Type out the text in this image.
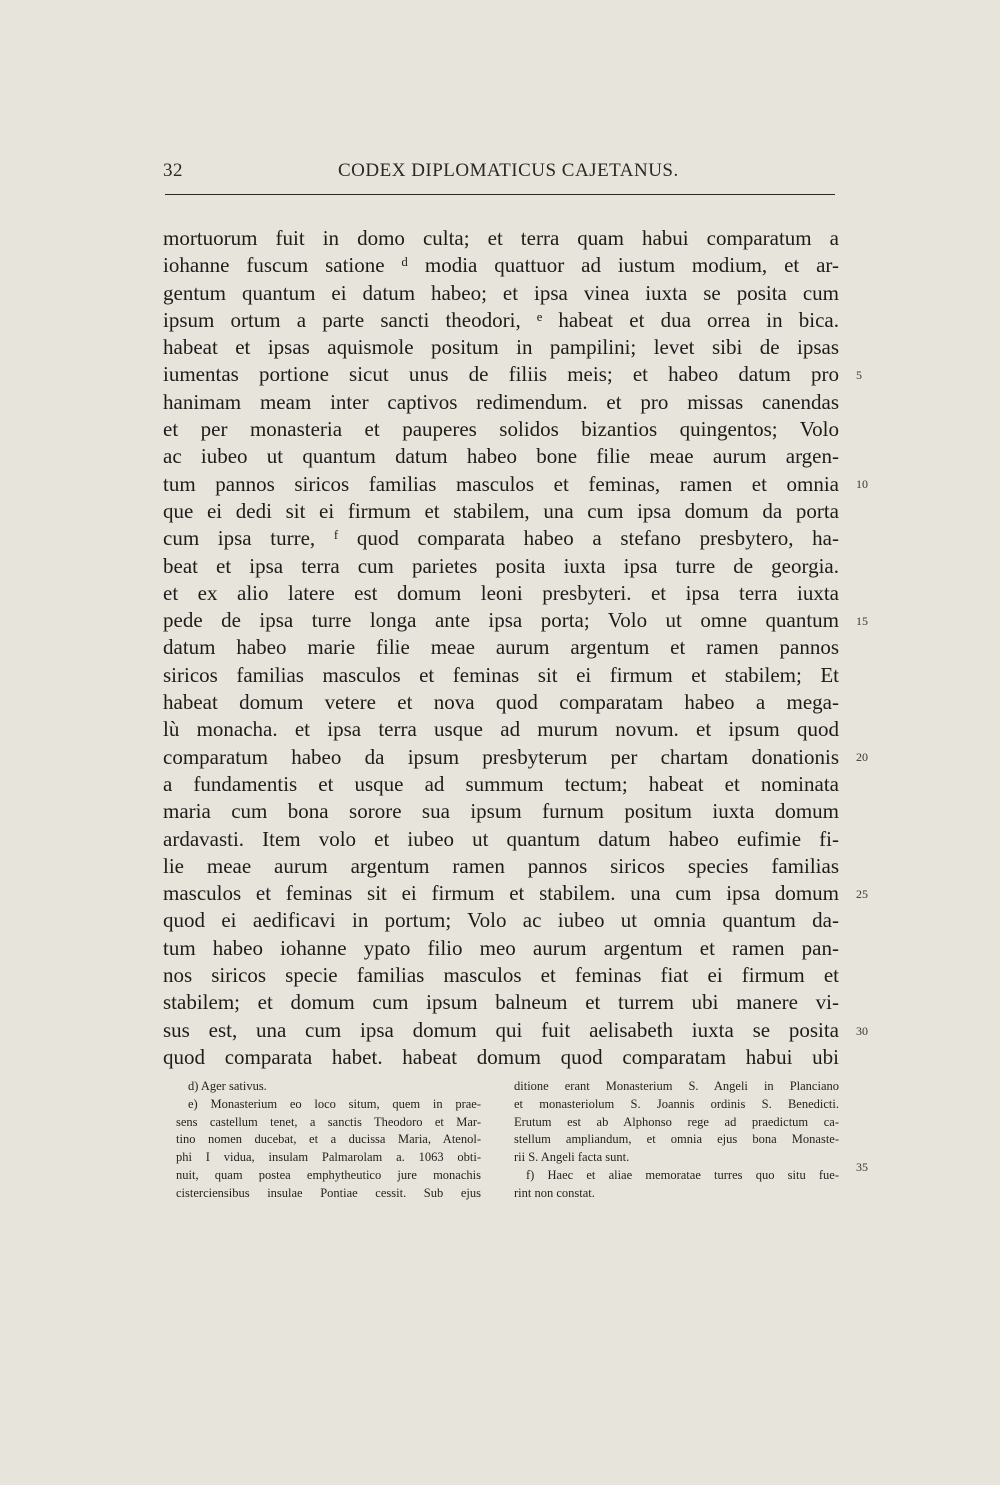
32	CODEX DIPLOMATICUS CAJETANUS.
mortuorum fuit in domo culta; et terra quam habui comparatum a
iohanne fuscum satione ᵈ modia quattuor ad iustum modium, et ar-
gentum quantum ei datum habeo; et ipsa vinea iuxta se posita cum
ipsum ortum a parte sancti theodori, ᵉ habeat et dua orrea in bica.
habeat et ipsas aquismole positum in pampilini; levet sibi de ipsas
iumentas portione sicut unus de filiis meis; et habeo datum pro
hanimam meam inter captivos redimendum. et pro missas canendas
et per monasteria et pauperes solidos bizantios quingentos; Volo
ac iubeo ut quantum datum habeo bone filie meae aurum argen-
tum pannos siricos familias masculos et feminas, ramen et omnia
que ei dedi sit ei firmum et stabilem, una cum ipsa domum da porta
cum ipsa turre, ᶠ quod comparata habeo a stefano presbytero, ha-
beat et ipsa terra cum parietes posita iuxta ipsa turre de georgia.
et ex alio latere est domum leoni presbyteri. et ipsa terra iuxta
pede de ipsa turre longa ante ipsa porta; Volo ut omne quantum
datum habeo marie filie meae aurum argentum et ramen pannos
siricos familias masculos et feminas sit ei firmum et stabilem; Et
habeat domum vetere et nova quod comparatam habeo a mega-
lù monacha. et ipsa terra usque ad murum novum. et ipsum quod
comparatum habeo da ipsum presbyterum per chartam donationis
a fundamentis et usque ad summum tectum; habeat et nominata
maria cum bona sorore sua ipsum furnum positum iuxta domum
ardavasti. Item volo et iubeo ut quantum datum habeo eufimie fi-
lie meae aurum argentum ramen pannos siricos species familias
masculos et feminas sit ei firmum et stabilem. una cum ipsa domum
quod ei aedificavi in portum; Volo ac iubeo ut omnia quantum da-
tum habeo iohanne ypato filio meo aurum argentum et ramen pan-
nos siricos specie familias masculos et feminas fiat ei firmum et
stabilem; et domum cum ipsum balneum et turrem ubi manere vi-
sus est, una cum ipsa domum qui fuit aelisabeth iuxta se posita
quod comparata habet. habeat domum quod comparatam habui ubi
5
10
15
20
25
30
35
d) Ager sativus.
e) Monasterium eo loco situm, quem in prae-
sens castellum tenet, a sanctis Theodoro et Mar-
tino nomen ducebat, et a ducissa Maria, Atenol-
phi I vidua, insulam Palmarolam a. 1063 obti-
nuit, quam postea emphytheutico jure monachis
cisterciensibus insulae Pontiae cessit. Sub ejus
ditione erant Monasterium S. Angeli in Planciano
et monasteriolum S. Joannis ordinis S. Benedicti.
Erutum est ab Alphonso rege ad praedictum ca-
stellum ampliandum, et omnia ejus bona Monaste-
rii S. Angeli facta sunt.
f) Haec et aliae memoratae turres quo situ fue-
rint non constat.
